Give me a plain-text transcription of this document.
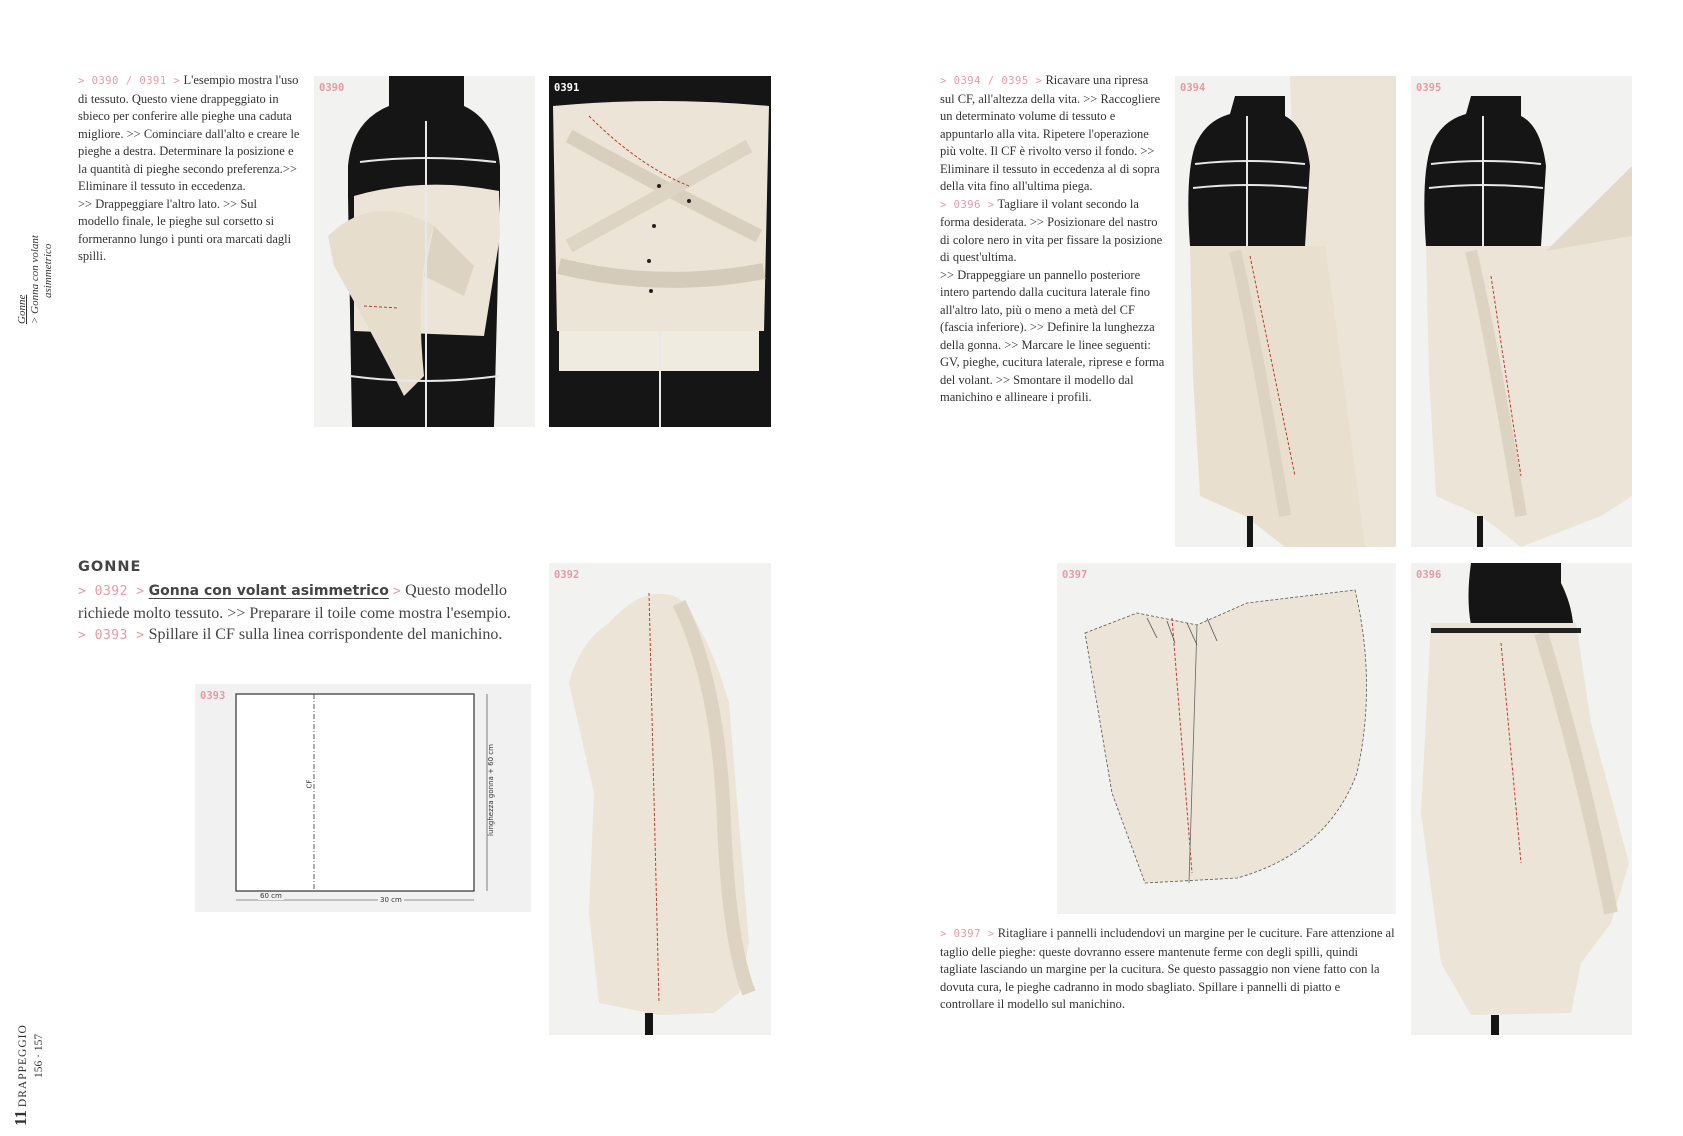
Gonne > Gonna con volant asimmetrico
11 DRAPPEGGIO 156 · 157
> 0390 / 0391 > L'esempio mostra l'uso di tessuto. Questo viene drappeggiato in sbieco per conferire alle pieghe una caduta migliore. >> Cominciare dall'alto e creare le pieghe a destra. Determinare la posizione e la quantità di pieghe secondo preferenza.>> Eliminare il tessuto in eccedenza.
>> Drappeggiare l'altro lato. >> Sul modello finale, le pieghe sul corsetto si formeranno lungo i punti ora marcati dagli spilli.
0390	0391
GONNE
> 0392 > Gonna con volant asimmetrico > Questo modello richiede molto tessuto. >> Preparare il toile come mostra l'esempio.
> 0393 > Spillare il CF sulla linea corrispondente del manichino.
0393
CF	lunghezza gonna + 60 cm
60 cm	30 cm
0392
> 0394 / 0395 > Ricavare una ripresa sul CF, all'altezza della vita. >> Raccogliere un determinato volume di tessuto e appuntarlo alla vita. Ripetere l'operazione più volte. Il CF è rivolto verso il fondo. >> Eliminare il tessuto in eccedenza al di sopra della vita fino all'ultima piega.
> 0396 > Tagliare il volant secondo la forma desiderata. >> Posizionare del nastro di colore nero in vita per fissare la posizione di quest'ultima.
>> Drappeggiare un pannello posteriore intero partendo dalla cucitura laterale fino all'altro lato, più o meno a metà del CF (fascia inferiore). >> Definire la lunghezza della gonna. >> Marcare le linee seguenti: GV, pieghe, cucitura laterale, riprese e forma del volant. >> Smontare il modello dal manichino e allineare i profili.
0394	0395
0397	0396
> 0397 > Ritagliare i pannelli includendovi un margine per le cuciture. Fare attenzione al taglio delle pieghe: queste dovranno essere mantenute ferme con degli spilli, quindi tagliate lasciando un margine per la cucitura. Se questo passaggio non viene fatto con la dovuta cura, le pieghe cadranno in modo sbagliato. Spillare i pannelli di piatto e controllare il modello sul manichino.
